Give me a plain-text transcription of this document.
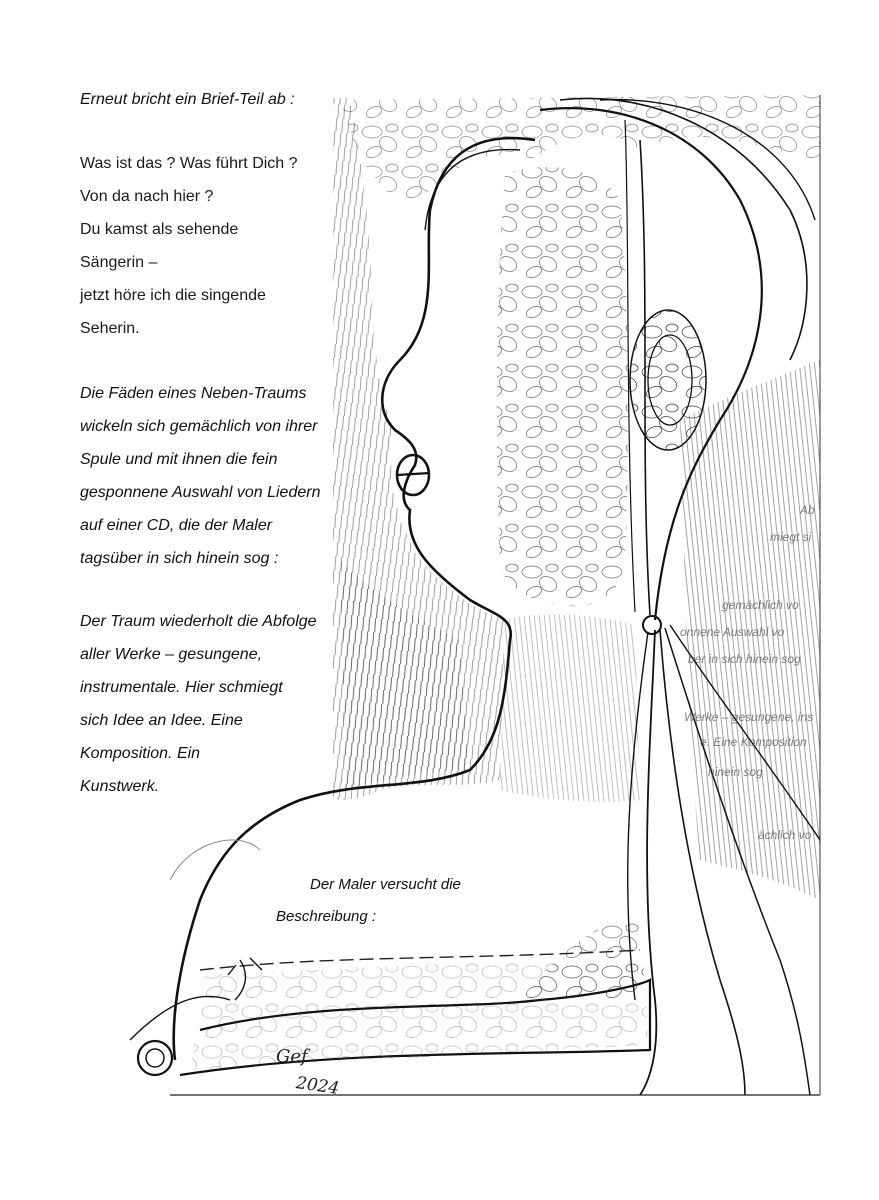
Erneut bricht ein Brief-Teil ab :

Was ist das ? Was führt Dich ?

Von da nach hier ?

Du kamst als sehende

Sängerin –

jetzt höre ich die singende

Seherin.

Die Fäden eines Neben-Traums

wickeln sich gemächlich von ihrer

Spule und mit ihnen die fein

gesponnene Auswahl von Liedern

auf einer CD, die der Maler

tagsüber in sich hinein sog :

Der Traum wiederholt die Abfolge

aller Werke – gesungene,

instrumentale. Hier schmiegt

sich Idee an Idee. Eine

Komposition. Ein

Kunstwerk.

Der Maler versucht die

Beschreibung :

Ab
miegt si
gemächlich vo
onnene Auswahl vo
ber in sich hinein sog
Werke – gesungene, ins
e. Eine Komposition
hinein sog
ächlich vo
Gef
2024
